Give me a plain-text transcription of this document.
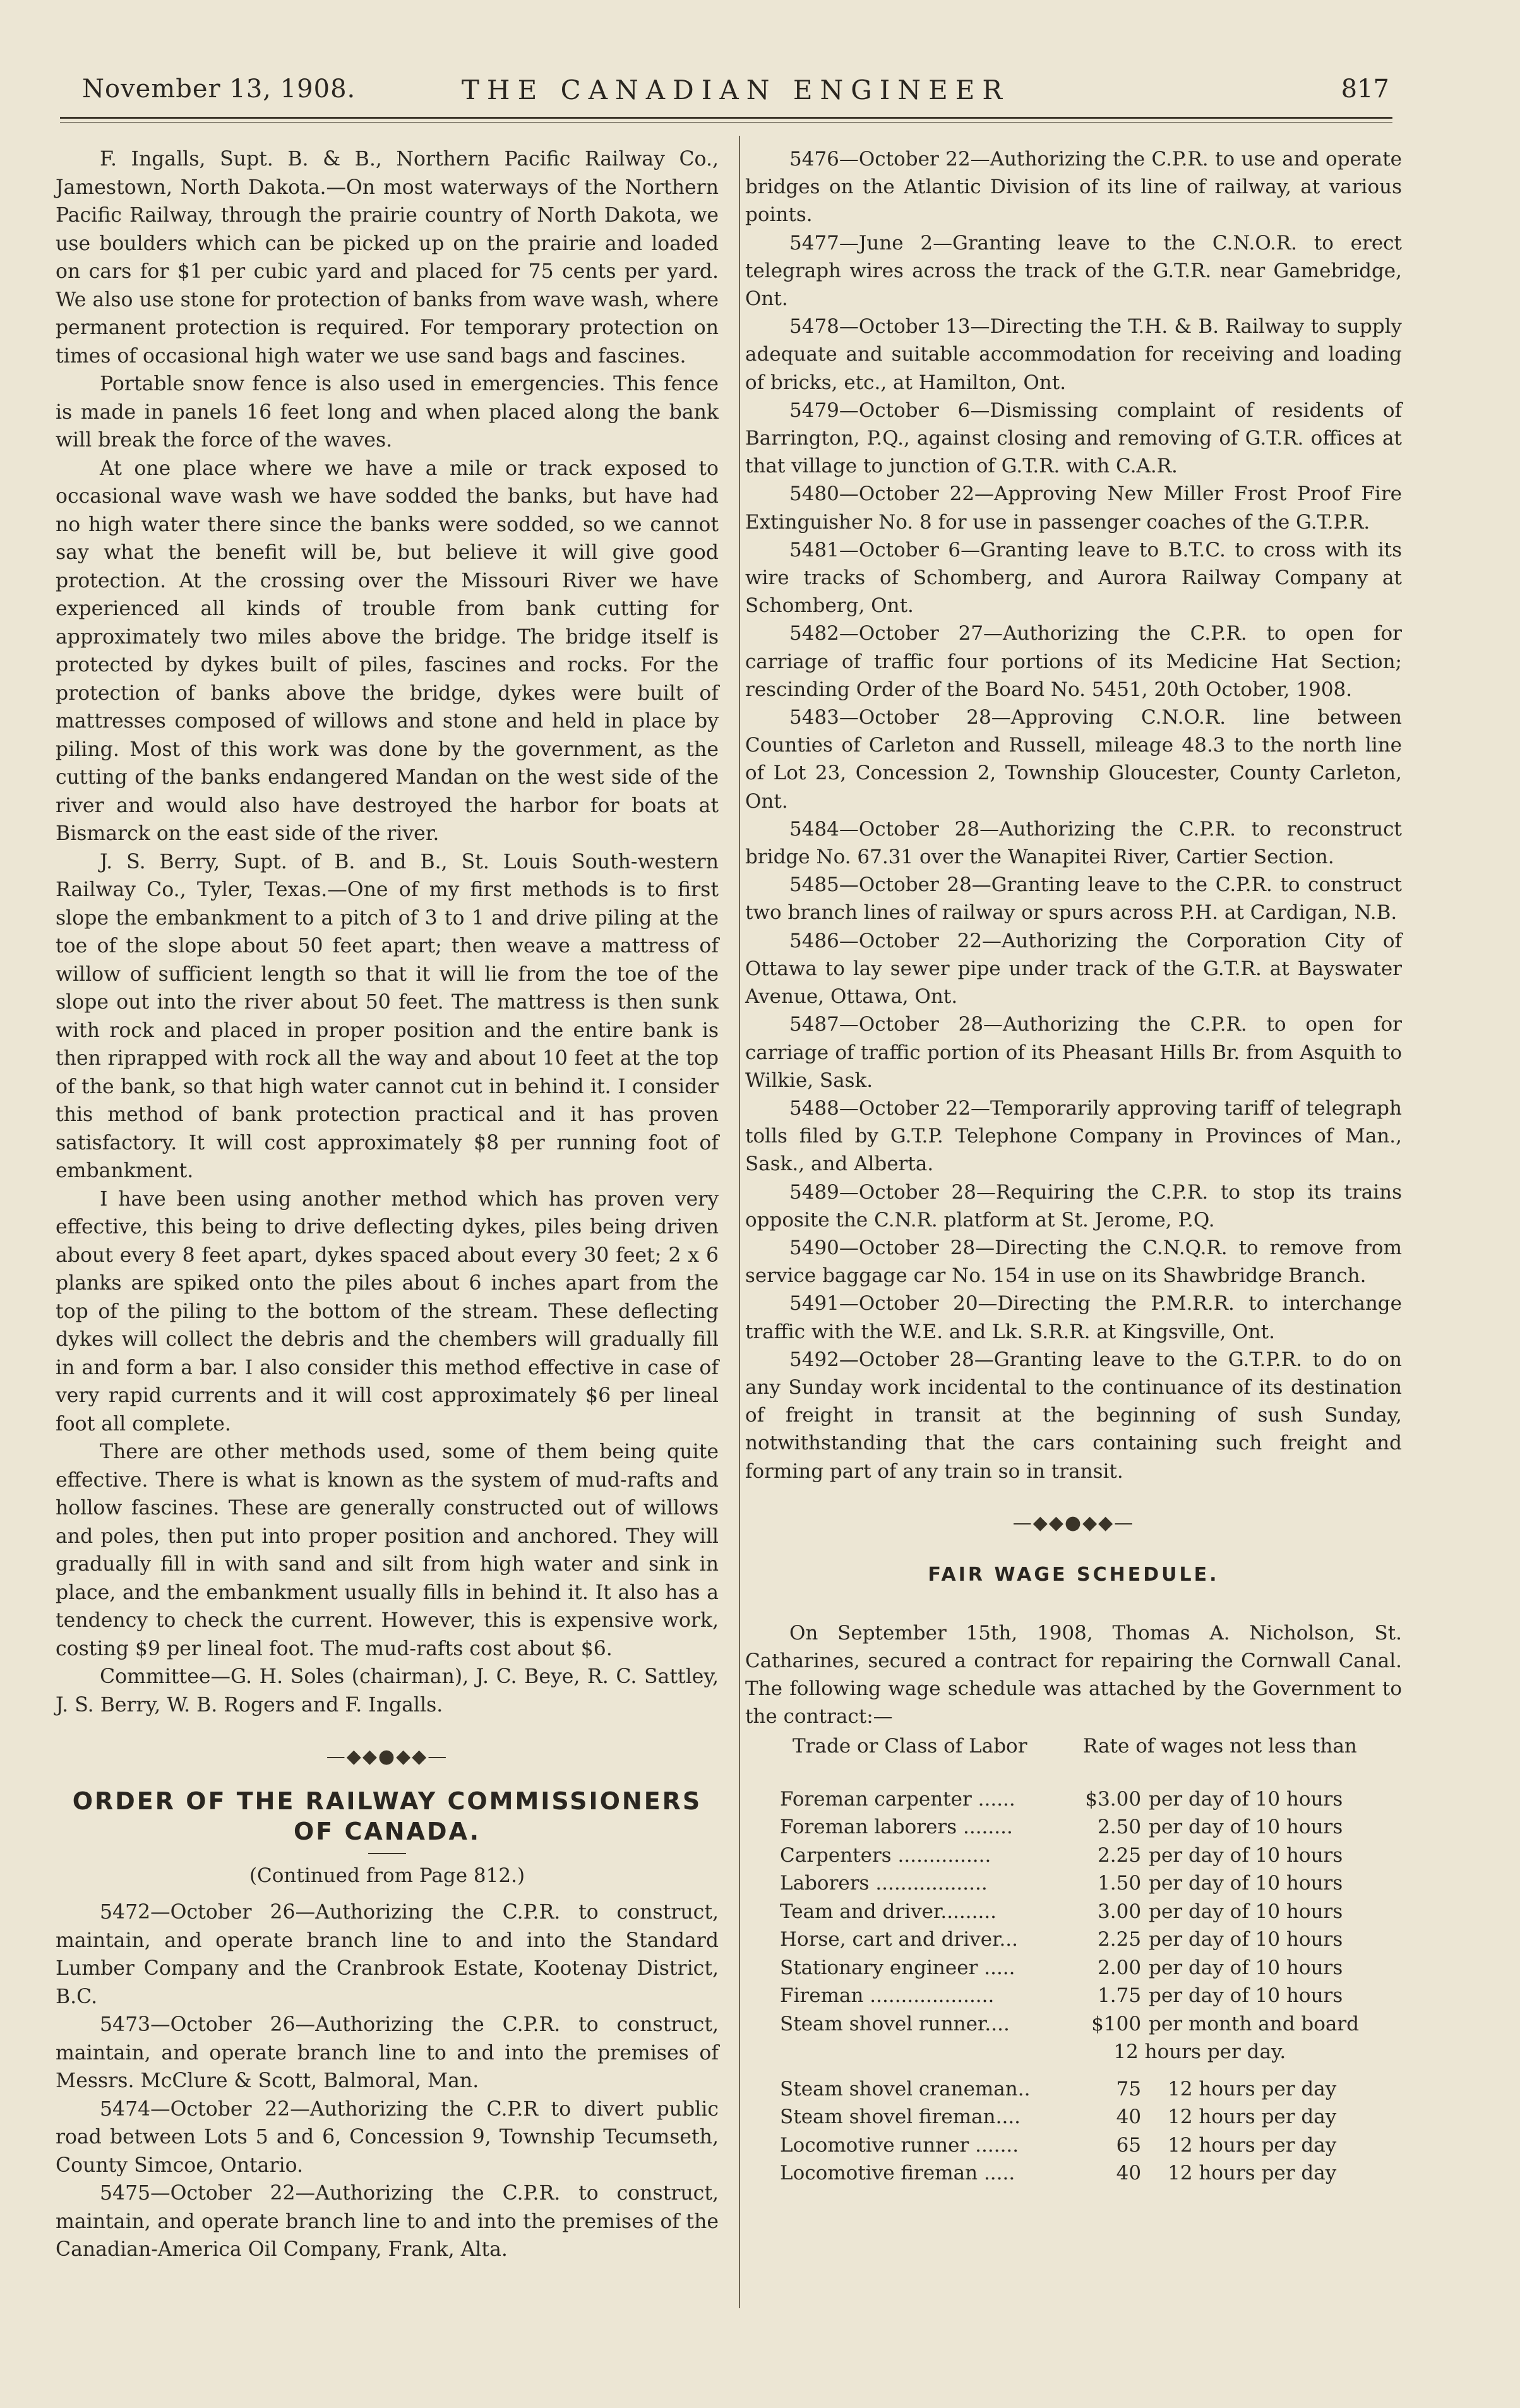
November 13, 1908.	THE CANADIAN ENGINEER	817

F. Ingalls, Supt. B. & B., Northern Pacific Railway Co., Jamestown, North Dakota.—On most waterways of the Northern Pacific Railway, through the prairie country of North Dakota, we use boulders which can be picked up on the prairie and loaded on cars for $1 per cubic yard and placed for 75 cents per yard. We also use stone for protection of banks from wave wash, where permanent protection is required. For temporary protection on times of occasional high water we use sand bags and fascines.

Portable snow fence is also used in emergencies. This fence is made in panels 16 feet long and when placed along the bank will break the force of the waves.

At one place where we have a mile or track exposed to occasional wave wash we have sodded the banks, but have had no high water there since the banks were sodded, so we cannot say what the benefit will be, but believe it will give good protection. At the crossing over the Missouri River we have experienced all kinds of trouble from bank cutting for approximately two miles above the bridge. The bridge itself is protected by dykes built of piles, fascines and rocks. For the protection of banks above the bridge, dykes were built of mattresses composed of willows and stone and held in place by piling. Most of this work was done by the government, as the cutting of the banks endangered Mandan on the west side of the river and would also have destroyed the harbor for boats at Bismarck on the east side of the river.

J. S. Berry, Supt. of B. and B., St. Louis South-western Railway Co., Tyler, Texas.—One of my first methods is to first slope the embankment to a pitch of 3 to 1 and drive piling at the toe of the slope about 50 feet apart; then weave a mattress of willow of sufficient length so that it will lie from the toe of the slope out into the river about 50 feet. The mattress is then sunk with rock and placed in proper position and the entire bank is then riprapped with rock all the way and about 10 feet at the top of the bank, so that high water cannot cut in behind it. I consider this method of bank protection practical and it has proven satisfactory. It will cost approximately $8 per running foot of embankment.

I have been using another method which has proven very effective, this being to drive deflecting dykes, piles being driven about every 8 feet apart, dykes spaced about every 30 feet; 2 x 6 planks are spiked onto the piles about 6 inches apart from the top of the piling to the bottom of the stream. These deflecting dykes will collect the debris and the chembers will gradually fill in and form a bar. I also consider this method effective in case of very rapid currents and it will cost approximately $6 per lineal foot all complete.

There are other methods used, some of them being quite effective. There is what is known as the system of mud-rafts and hollow fascines. These are generally constructed out of willows and poles, then put into proper position and anchored. They will gradually fill in with sand and silt from high water and sink in place, and the embankment usually fills in behind it. It also has a tendency to check the current. However, this is expensive work, costing $9 per lineal foot. The mud-rafts cost about $6.

Committee—G. H. Soles (chairman), J. C. Beye, R. C. Sattley, J. S. Berry, W. B. Rogers and F. Ingalls.

—◆◆●◆◆—
ORDER OF THE RAILWAY COMMISSIONERS OF CANADA.
(Continued from Page 812.)

5472—October 26—Authorizing the C.P.R. to construct, maintain, and operate branch line to and into the Standard Lumber Company and the Cranbrook Estate, Kootenay District, B.C.

5473—October 26—Authorizing the C.P.R. to construct, maintain, and operate branch line to and into the premises of Messrs. McClure & Scott, Balmoral, Man.

5474—October 22—Authorizing the C.P.R to divert public road between Lots 5 and 6, Concession 9, Township Tecumseth, County Simcoe, Ontario.

5475—October 22—Authorizing the C.P.R. to construct, maintain, and operate branch line to and into the premises of the Canadian-America Oil Company, Frank, Alta.

5476—October 22—Authorizing the C.P.R. to use and operate bridges on the Atlantic Division of its line of railway, at various points.

5477—June 2—Granting leave to the C.N.O.R. to erect telegraph wires across the track of the G.T.R. near Gamebridge, Ont.

5478—October 13—Directing the T.H. & B. Railway to supply adequate and suitable accommodation for receiving and loading of bricks, etc., at Hamilton, Ont.

5479—October 6—Dismissing complaint of residents of Barrington, P.Q., against closing and removing of G.T.R. offices at that village to junction of G.T.R. with C.A.R.

5480—October 22—Approving New Miller Frost Proof Fire Extinguisher No. 8 for use in passenger coaches of the G.T.P.R.

5481—October 6—Granting leave to B.T.C. to cross with its wire tracks of Schomberg, and Aurora Railway Company at Schomberg, Ont.

5482—October 27—Authorizing the C.P.R. to open for carriage of traffic four portions of its Medicine Hat Section; rescinding Order of the Board No. 5451, 20th October, 1908.

5483—October 28—Approving C.N.O.R. line between Counties of Carleton and Russell, mileage 48.3 to the north line of Lot 23, Concession 2, Township Gloucester, County Carleton, Ont.

5484—October 28—Authorizing the C.P.R. to reconstruct bridge No. 67.31 over the Wanapitei River, Cartier Section.

5485—October 28—Granting leave to the C.P.R. to construct two branch lines of railway or spurs across P.H. at Cardigan, N.B.

5486—October 22—Authorizing the Corporation City of Ottawa to lay sewer pipe under track of the G.T.R. at Bayswater Avenue, Ottawa, Ont.

5487—October 28—Authorizing the C.P.R. to open for carriage of traffic portion of its Pheasant Hills Br. from Asquith to Wilkie, Sask.

5488—October 22—Temporarily approving tariff of telegraph tolls filed by G.T.P. Telephone Company in Provinces of Man., Sask., and Alberta.

5489—October 28—Requiring the C.P.R. to stop its trains opposite the C.N.R. platform at St. Jerome, P.Q.

5490—October 28—Directing the C.N.Q.R. to remove from service baggage car No. 154 in use on its Shawbridge Branch.

5491—October 20—Directing the P.M.R.R. to interchange traffic with the W.E. and Lk. S.R.R. at Kingsville, Ont.

5492—October 28—Granting leave to the G.T.P.R. to do on any Sunday work incidental to the continuance of its destination of freight in transit at the beginning of sush Sunday, notwithstanding that the cars containing such freight and forming part of any train so in transit.

—◆◆●◆◆—
FAIR WAGE SCHEDULE.

On September 15th, 1908, Thomas A. Nicholson, St. Catharines, secured a contract for repairing the Cornwall Canal. The following wage schedule was attached by the Government to the contract:—

Trade or Class of Labor	Rate of wages not less than
Foreman carpenter ......	$3.00	per day of 10 hours
Foreman laborers ........	2.50	per day of 10 hours
Carpenters ...............	2.25	per day of 10 hours
Laborers ..................	1.50	per day of 10 hours
Team and driver.........	3.00	per day of 10 hours
Horse, cart and driver...	2.25	per day of 10 hours
Stationary engineer .....	2.00	per day of 10 hours
Fireman ....................	1.75	per day of 10 hours
Steam shovel runner....	$100	per month and board
	12 hours per day.	

Steam shovel craneman..	75	12 hours per day
Steam shovel fireman....	40	12 hours per day
Locomotive runner .......	65	12 hours per day
Locomotive fireman .....	40	12 hours per day
